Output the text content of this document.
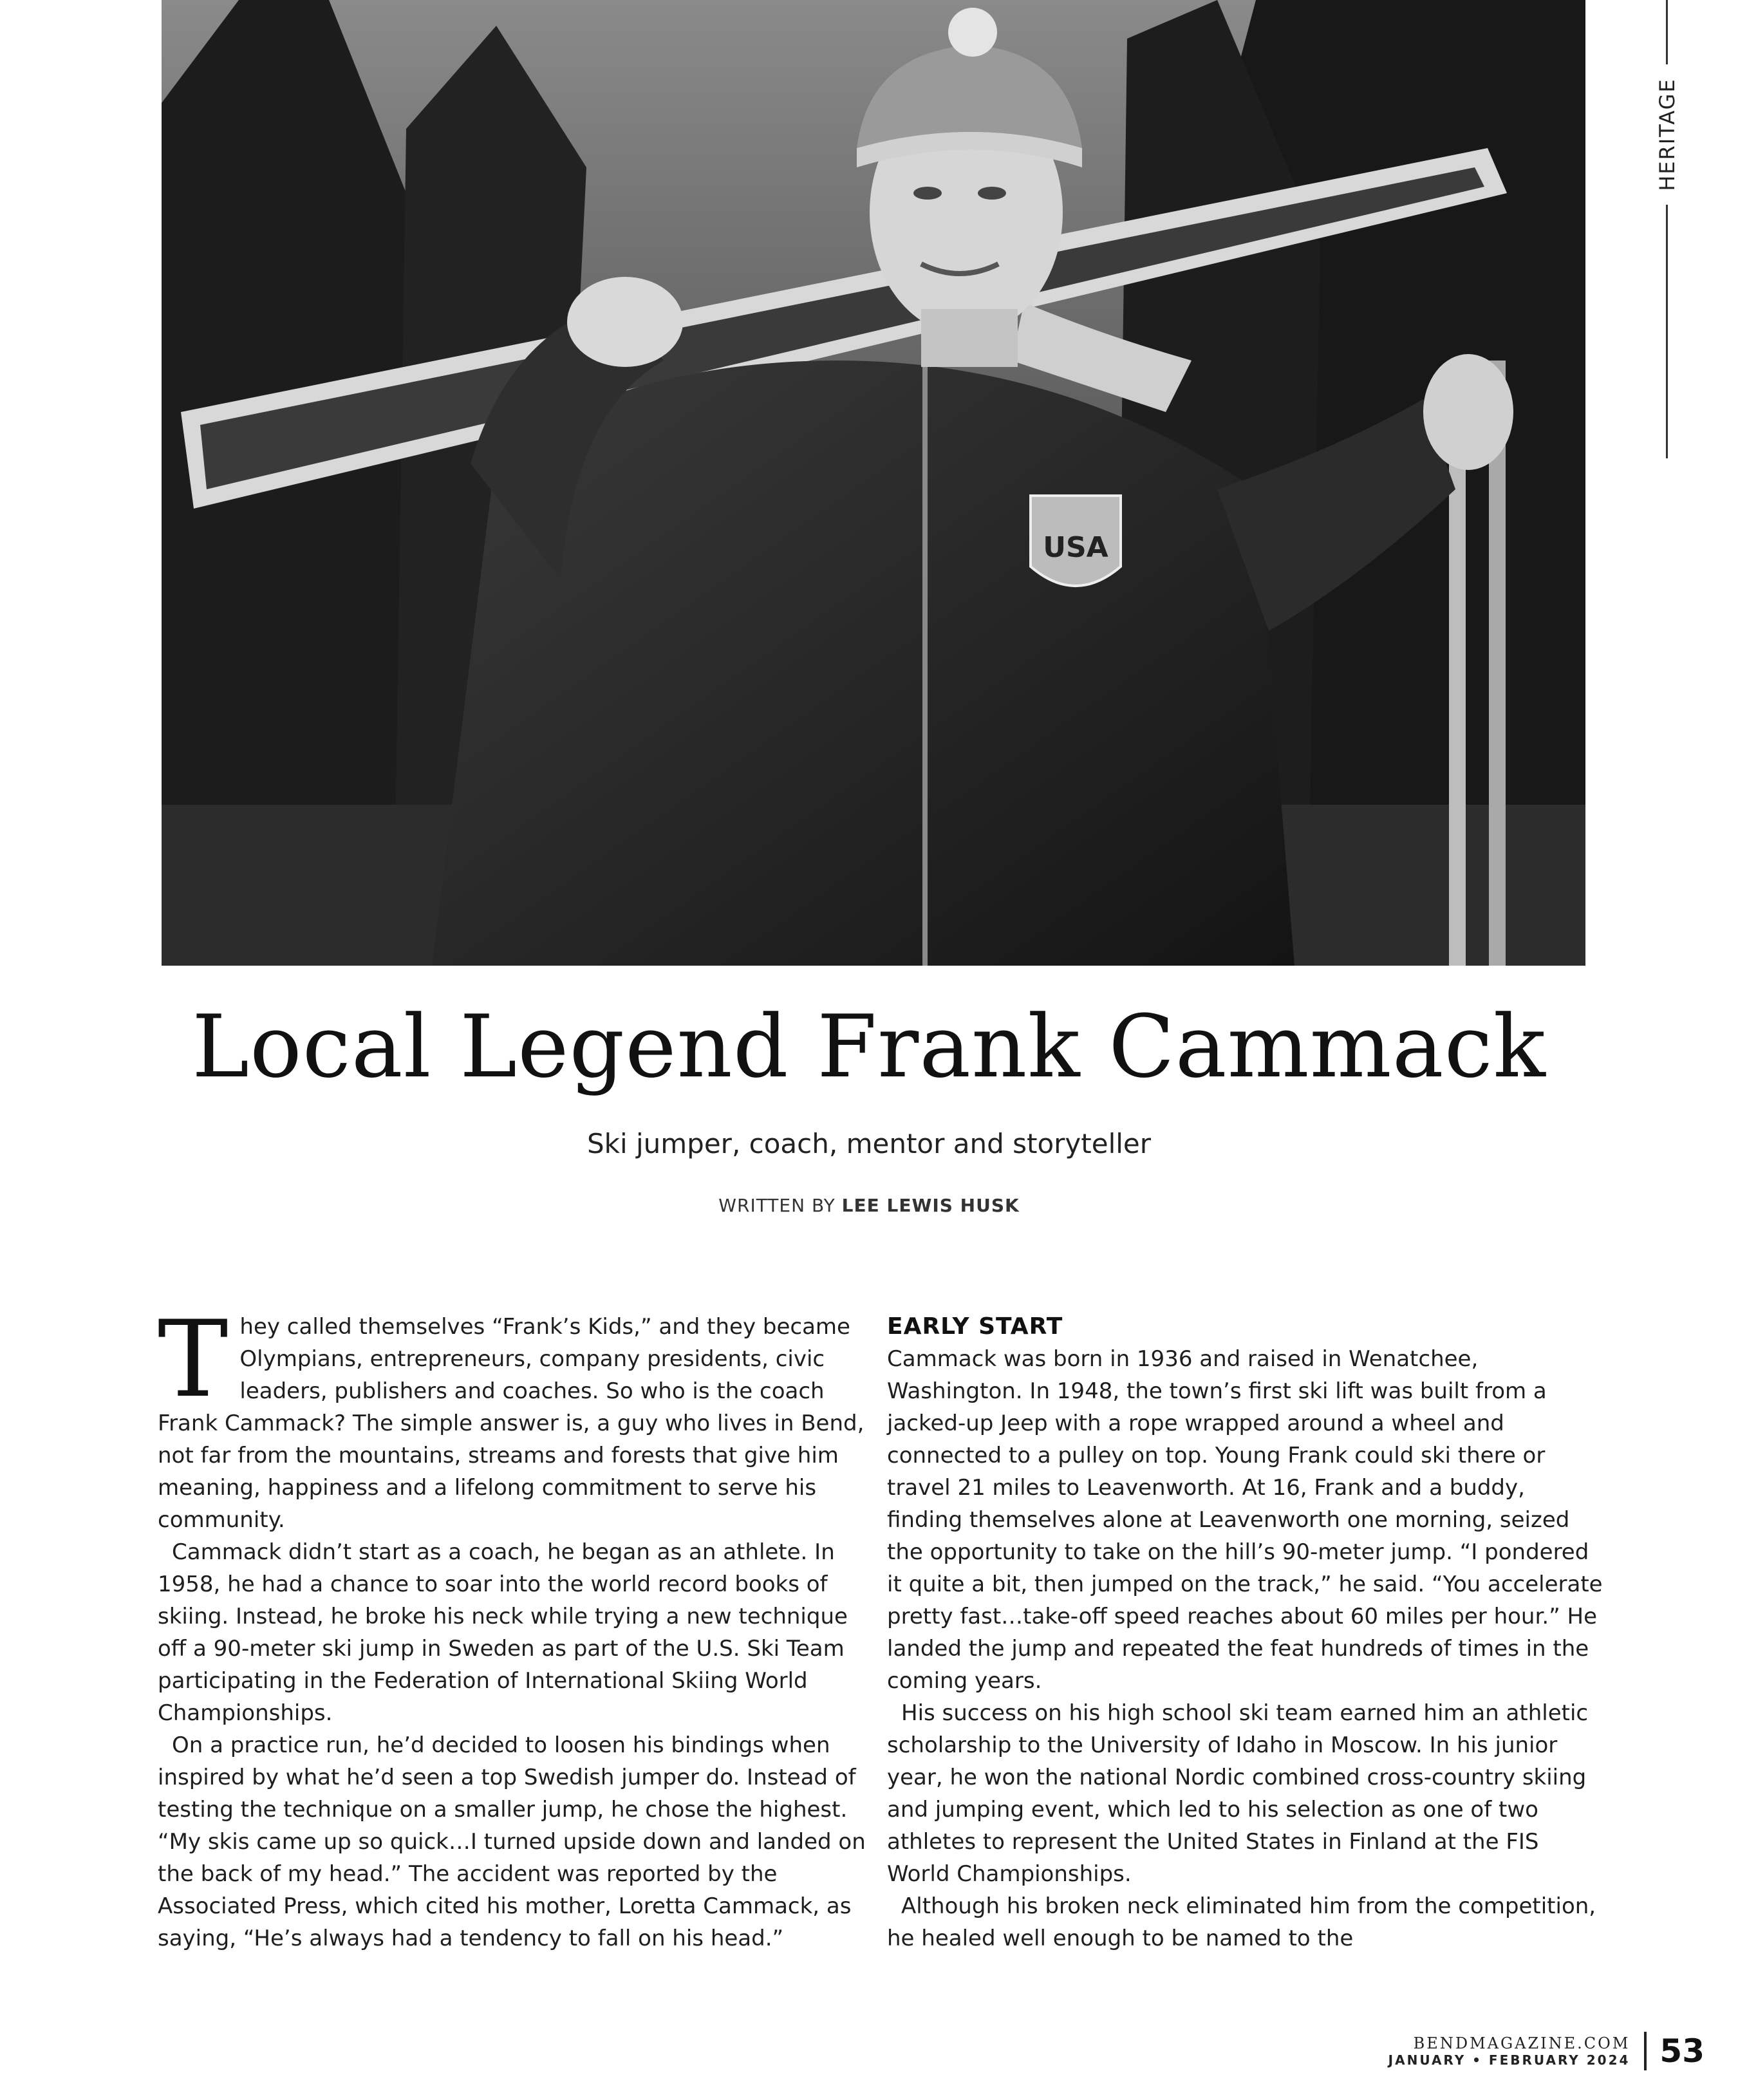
USA
HERITAGE
Local Legend Frank Cammack
Ski jumper, coach, mentor and storyteller
WRITTEN BY LEE LEWIS HUSK

They called themselves “Frank’s Kids,” and they became Olympians, entrepreneurs, company presidents, civic leaders, publishers and coaches. So who is the coach Frank Cammack? The simple answer is, a guy who lives in Bend, not far from the mountains, streams and forests that give him meaning, happiness and a lifelong commitment to serve his community.

Cammack didn’t start as a coach, he began as an athlete. In 1958, he had a chance to soar into the world record books of skiing. Instead, he broke his neck while trying a new technique off a 90-meter ski jump in Sweden as part of the U.S. Ski Team participating in the Federation of International Skiing World Championships.

On a practice run, he’d decided to loosen his bindings when inspired by what he’d seen a top Swedish jumper do. Instead of testing the technique on a smaller jump, he chose the highest. “My skis came up so quick…I turned upside down and landed on the back of my head.” The accident was reported by the Associated Press, which cited his mother, Loretta Cammack, as saying, “He’s always had a tendency to fall on his head.”

EARLY START

Cammack was born in 1936 and raised in Wenatchee, Washington. In 1948, the town’s first ski lift was built from a jacked-up Jeep with a rope wrapped around a wheel and connected to a pulley on top. Young Frank could ski there or travel 21 miles to Leavenworth. At 16, Frank and a buddy, finding themselves alone at Leavenworth one morning, seized the opportunity to take on the hill’s 90-meter jump. “I pondered it quite a bit, then jumped on the track,” he said. “You accelerate pretty fast…take-off speed reaches about 60 miles per hour.” He landed the jump and repeated the feat hundreds of times in the coming years.

His success on his high school ski team earned him an athletic scholarship to the University of Idaho in Moscow. In his junior year, he won the national Nordic combined cross-country skiing and jumping event, which led to his selection as one of two athletes to represent the United States in Finland at the FIS World Championships.

Although his broken neck eliminated him from the competition, he healed well enough to be named to the

BENDMAGAZINE.COM
JANUARY • FEBRUARY 2024 53
